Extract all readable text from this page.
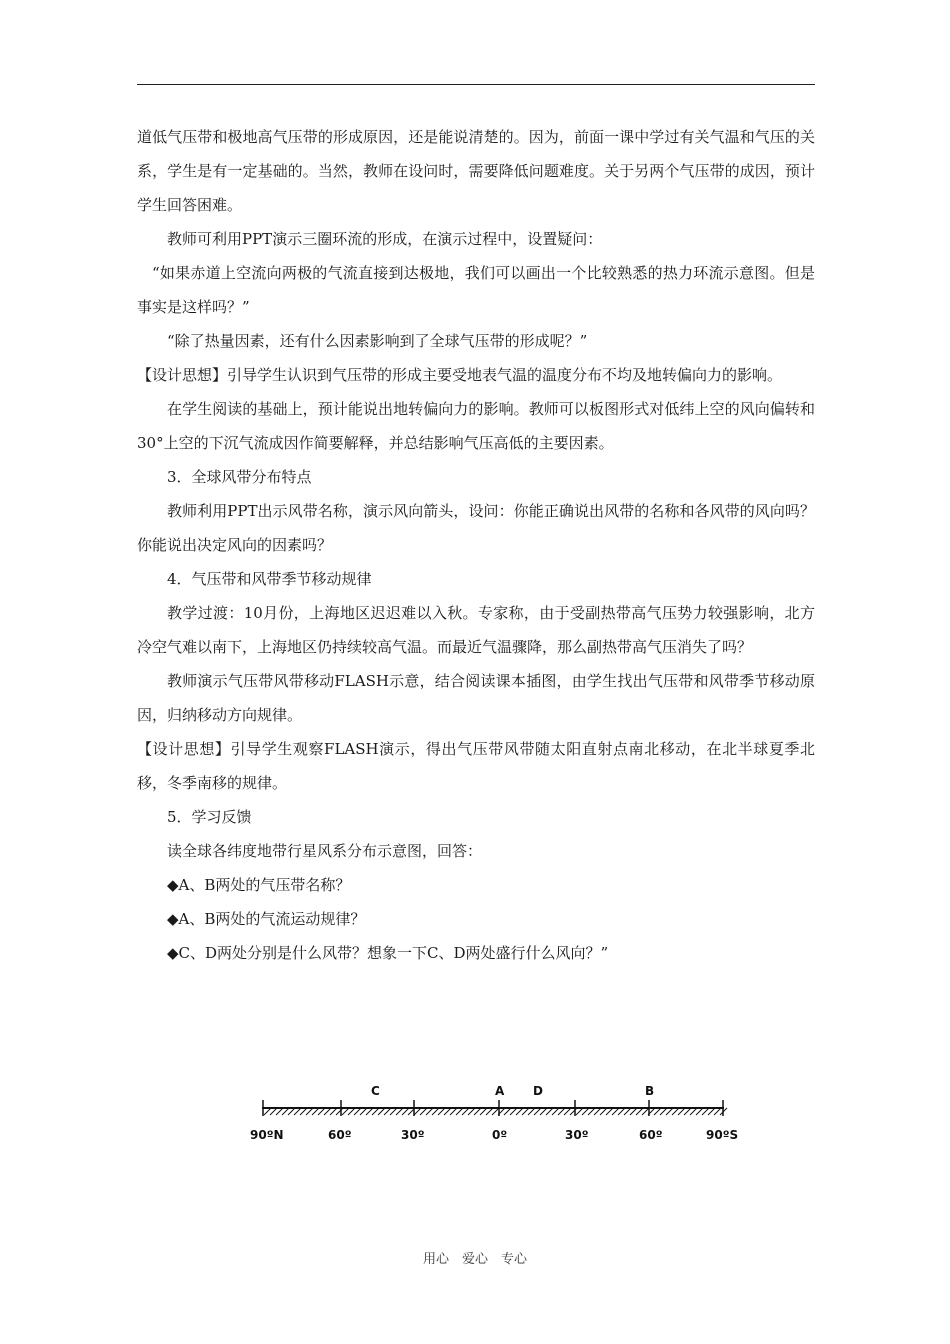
道低气压带和极地高气压带的形成原因，还是能说清楚的。因为，前面一课中学过有关气温和气压的关系，学生是有一定基础的。当然，教师在设问时，需要降低问题难度。关于另两个气压带的成因，预计学生回答困难。

教师可利用PPT演示三圈环流的形成，在演示过程中，设置疑问：

“如果赤道上空流向两极的气流直接到达极地，我们可以画出一个比较熟悉的热力环流示意图。但是事实是这样吗？”

“除了热量因素，还有什么因素影响到了全球气压带的形成呢？”

【设计思想】引导学生认识到气压带的形成主要受地表气温的温度分布不均及地转偏向力的影响。

在学生阅读的基础上，预计能说出地转偏向力的影响。教师可以板图形式对低纬上空的风向偏转和30°上空的下沉气流成因作简要解释，并总结影响气压高低的主要因素。

3．全球风带分布特点

教师利用PPT出示风带名称，演示风向箭头，设问：你能正确说出风带的名称和各风带的风向吗？你能说出决定风向的因素吗？

4．气压带和风带季节移动规律

教学过渡：10月份，上海地区迟迟难以入秋。专家称，由于受副热带高气压势力较强影响，北方冷空气难以南下，上海地区仍持续较高气温。而最近气温骤降，那么副热带高气压消失了吗？

教师演示气压带风带移动FLASH示意，结合阅读课本插图，由学生找出气压带和风带季节移动原因，归纳移动方向规律。

【设计思想】引导学生观察FLASH演示，得出气压带风带随太阳直射点南北移动，在北半球夏季北移，冬季南移的规律。

5．学习反馈

读全球各纬度地带行星风系分布示意图，回答：

◆A、B两处的气压带名称？

◆A、B两处的气流运动规律？

◆C、D两处分别是什么风带？想象一下C、D两处盛行什么风向？”

C	A D	B
90ºN	60º	30º	0º	30º	60º	90ºS
用心　爱心　专心
